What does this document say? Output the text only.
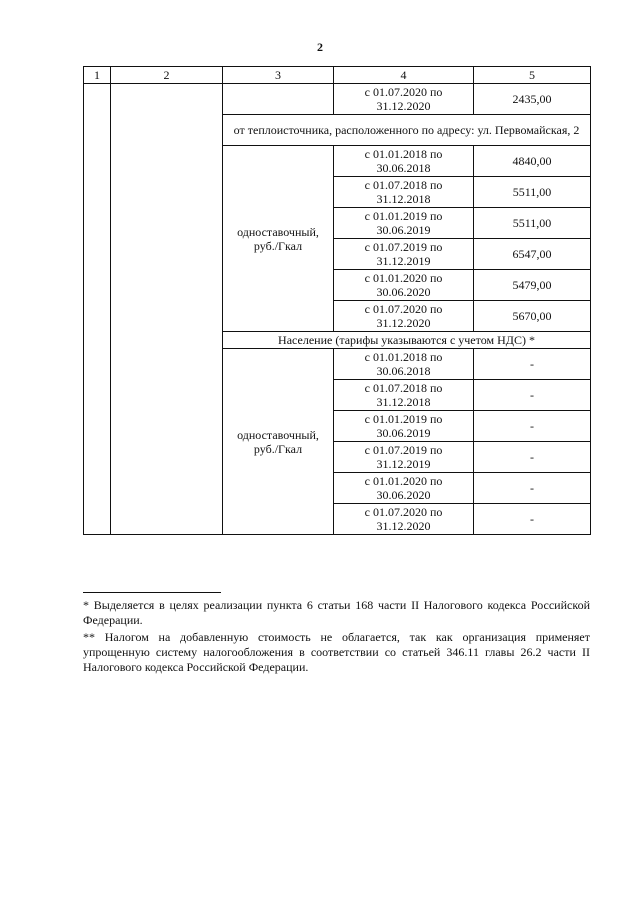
2
1	2	3	4	5
			с 01.07.2020 по 31.12.2020	2435,00
		от теплоисточника, расположенного по адресу: ул. Первомайская, 2		
		одноставочный, руб./Гкал	с 01.01.2018 по 30.06.2018	4840,00
			с 01.07.2018 по 31.12.2018	5511,00
			с 01.01.2019 по 30.06.2019	5511,00
			с 01.07.2019 по 31.12.2019	6547,00
			с 01.01.2020 по 30.06.2020	5479,00
			с 01.07.2020 по 31.12.2020	5670,00
		Население (тарифы указываются с учетом НДС) *		
		одноставочный, руб./Гкал	с 01.01.2018 по 30.06.2018	-
			с 01.07.2018 по 31.12.2018	-
			с 01.01.2019 по 30.06.2019	-
			с 01.07.2019 по 31.12.2019	-
			с 01.01.2020 по 30.06.2020	-
			с 01.07.2020 по 31.12.2020	-

* Выделяется в целях реализации пункта 6 статьи 168 части II Налогового кодекса Российской Федерации.

** Налогом на добавленную стоимость не облагается, так как организация применяет упрощенную систему налогообложения в соответствии со статьей 346.11 главы 26.2 части II Налогового кодекса Российской Федерации.
